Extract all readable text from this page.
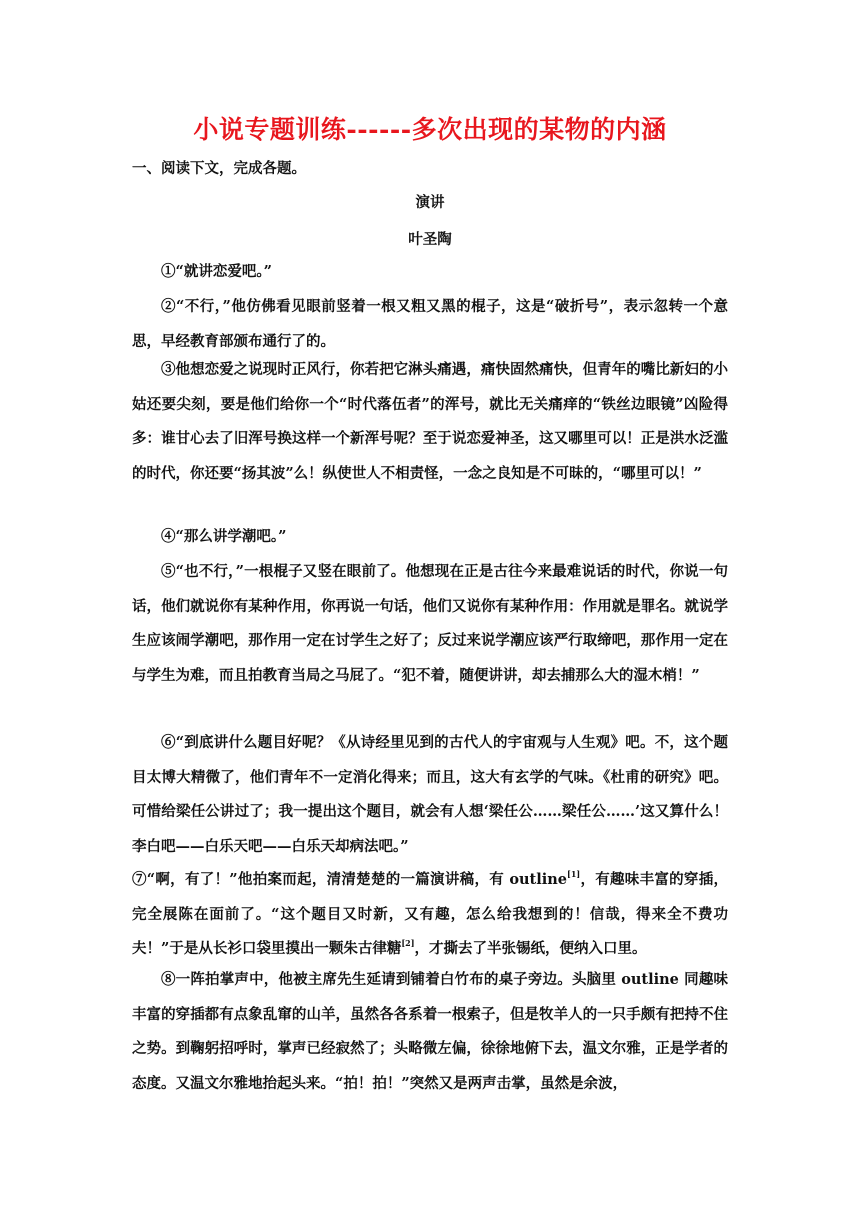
小说专题训练------多次出现的某物的内涵
一、阅读下文，完成各题。
演讲
叶圣陶

①“就讲恋爱吧。”

②“不行，”他仿佛看见眼前竖着一根又粗又黑的棍子，这是“破折号”，表示忽转一个意思，早经教育部颁布通行了的。

③他想恋爱之说现时正风行，你若把它淋头痛遇，痛快固然痛快，但青年的嘴比新妇的小姑还要尖刻，要是他们给你一个“时代落伍者”的浑号，就比无关痛痒的“铁丝边眼镜”凶险得多：谁甘心去了旧浑号换这样一个新浑号呢？至于说恋爱神圣，这又哪里可以！正是洪水泛滥的时代，你还要“扬其波”么！纵使世人不相责怪，一念之良知是不可昧的，“哪里可以！”

④“那么讲学潮吧。”

⑤“也不行，”一根棍子又竖在眼前了。他想现在正是古往今来最难说话的时代，你说一句话，他们就说你有某种作用，你再说一句话，他们又说你有某种作用：作用就是罪名。就说学生应该闹学潮吧，那作用一定在讨学生之好了；反过来说学潮应该严行取缔吧，那作用一定在与学生为难，而且拍教育当局之马屁了。“犯不着，随便讲讲，却去捕那么大的湿木梢！”

⑥“到底讲什么题目好呢？《从诗经里见到的古代人的宇宙观与人生观》吧。不，这个题目太博大精微了，他们青年不一定消化得来；而且，这大有玄学的气味。《杜甫的研究》吧。可惜给梁任公讲过了；我一提出这个题目，就会有人想‘梁任公……梁任公……’这又算什么！李白吧——白乐天吧——白乐天却病法吧。”

⑦“啊，有了！”他拍案而起，清清楚楚的一篇演讲稿，有 outline[1]，有趣味丰富的穿插，完全展陈在面前了。“这个题目又时新，又有趣，怎么给我想到的！信哉，得来全不费功夫！”于是从长衫口袋里摸出一颗朱古律糖[2]，才撕去了半张锡纸，便纳入口里。

⑧一阵拍掌声中，他被主席先生延请到铺着白竹布的桌子旁边。头脑里 outline 同趣味丰富的穿插都有点象乱窜的山羊，虽然各各系着一根索子，但是牧羊人的一只手颇有把持不住之势。到鞠躬招呼时，掌声已经寂然了；头略微左偏，徐徐地俯下去，温文尔雅，正是学者的态度。又温文尔雅地抬起头来。“拍！拍！”突然又是两声击掌，虽然是余波，
